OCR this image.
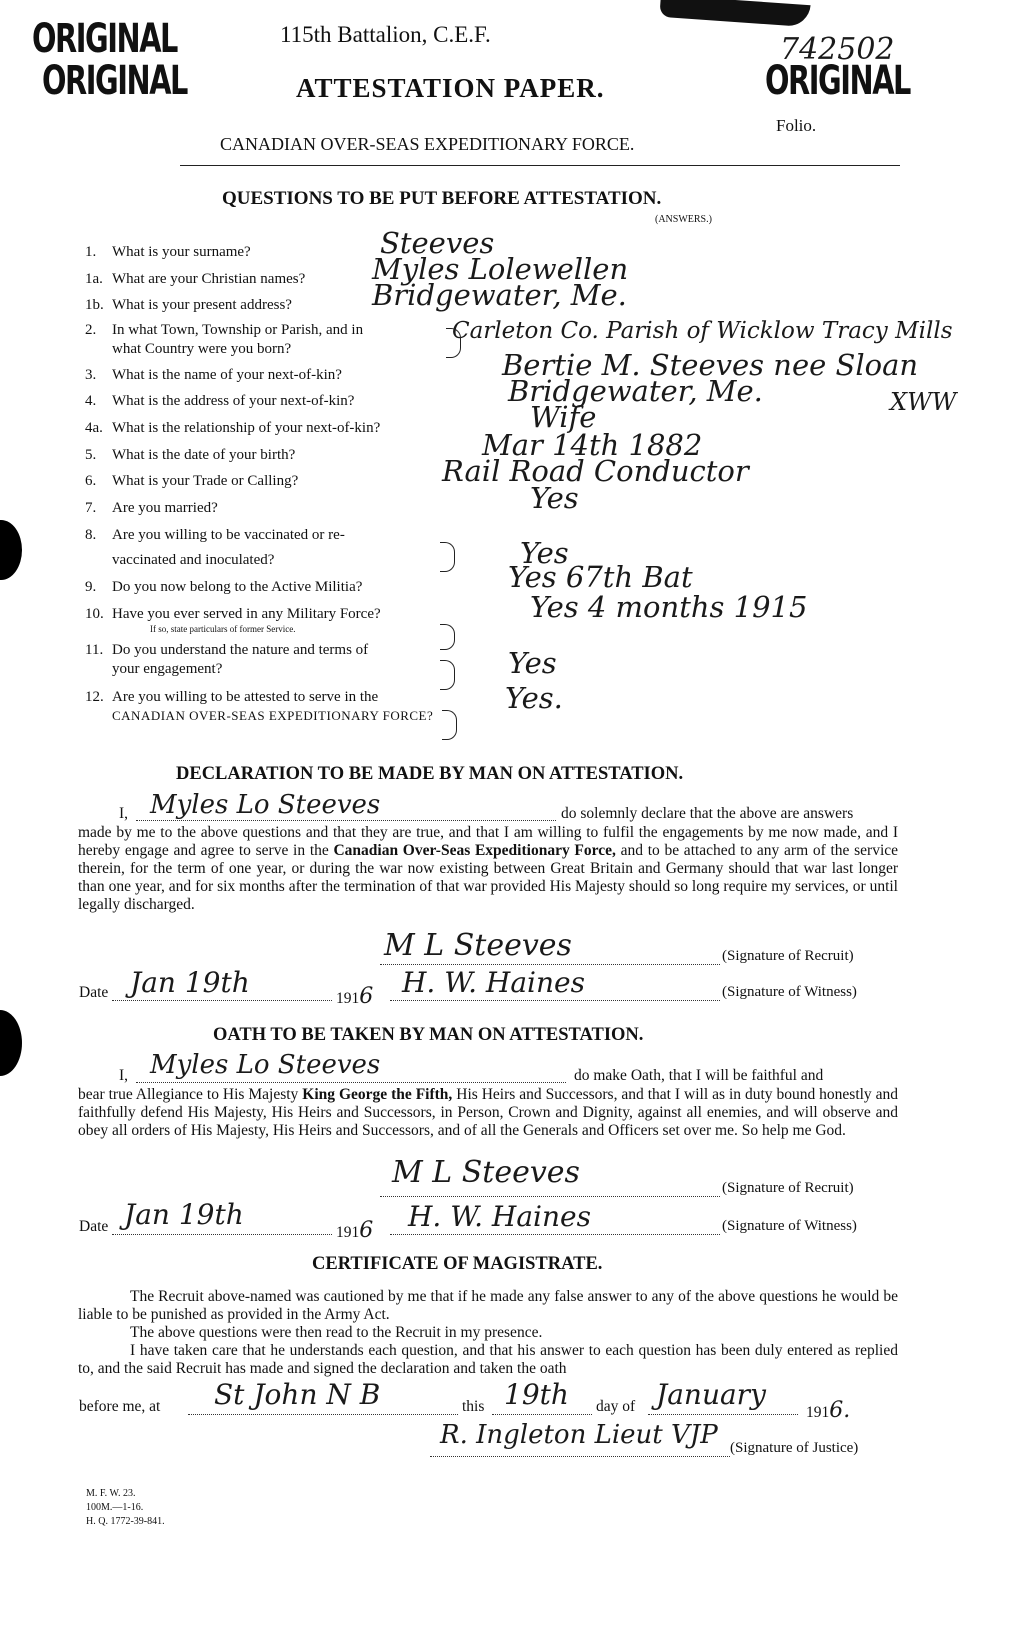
ORIGINAL
ORIGINAL	ORIGINAL
742502
115th Battalion, C.E.F.
ATTESTATION PAPER.
Folio.
CANADIAN OVER-SEAS EXPEDITIONARY FORCE.
QUESTIONS TO BE PUT BEFORE ATTESTATION.
(ANSWERS.)
1. What is your surname?	Steeves
1a. What are your Christian names? Myles Lolewellen
1b. What is your present address?	Bridgewater, Me.
2. In what Town, Township or Parish, and in
what Country were you born?
Carleton Co. Parish of Wicklow Tracy Mills
3. What is the name of your next-of-kin?	Bertie M. Steeves nee Sloan
4. What is the address of your next-of-kin?	Bridgewater, Me.
4a. What is the relationship of your next-of-kin?	Wife
5. What is the date of your birth?	Mar 14th 1882
6. What is your Trade or Calling?	Rail Road Conductor
7. Are you married?	Yes
8. Are you willing to be vaccinated or re-
vaccinated and inoculated?	Yes
9. Do you now belong to the Active Militia?	Yes 67th Bat
10. Have you ever served in any Military Force?
If so, state particulars of former Service.
Yes 4 months 1915
11. Do you understand the nature and terms of
your engagement?	Yes
12. Are you willing to be attested to serve in the
CANADIAN OVER-SEAS EXPEDITIONARY FORCE?
Yes.
XWW
DECLARATION TO BE MADE BY MAN ON ATTESTATION.
I, Myles Lo Steeves	do solemnly declare that the above are answers
made by me to the above questions and that they are true, and that I am willing to fulfil the engagements by me now made, and I hereby engage and agree to serve in the Canadian Over-Seas Expeditionary Force, and to be attached to any arm of the service therein, for the term of one year, or during the war now existing between Great Britain and Germany should that war last longer than one year, and for six months after the termination of that war provided His Majesty should so long require my services, or until legally discharged.
M L Steeves	(Signature of Recruit)
Date Jan 19th	1916 H. W. Haines	(Signature of Witness)
OATH TO BE TAKEN BY MAN ON ATTESTATION.
I, Myles Lo Steeves	do make Oath, that I will be faithful and
bear true Allegiance to His Majesty King George the Fifth, His Heirs and Successors, and that I will as in duty bound honestly and faithfully defend His Majesty, His Heirs and Successors, in Person, Crown and Dignity, against all enemies, and will observe and obey all orders of His Majesty, His Heirs and Successors, and of all the Generals and Officers set over me. So help me God.
M L Steeves	(Signature of Recruit)
Date Jan 19th
1916 H. W. Haines	(Signature of Witness)
CERTIFICATE OF MAGISTRATE.
The Recruit above-named was cautioned by me that if he made any false answer to any of the above questions he would be liable to be punished as provided in the Army Act.
The above questions were then read to the Recruit in my presence.
I have taken care that he understands each question, and that his answer to each question has been duly entered as replied to, and the said Recruit has made and signed the declaration and taken the oath
before me, at St John N B	this 19th day of January
1916.
R. Ingleton Lieut VJP (Signature of Justice)
M. F. W. 23.
100M.—1-16.
H. Q. 1772-39-841.
